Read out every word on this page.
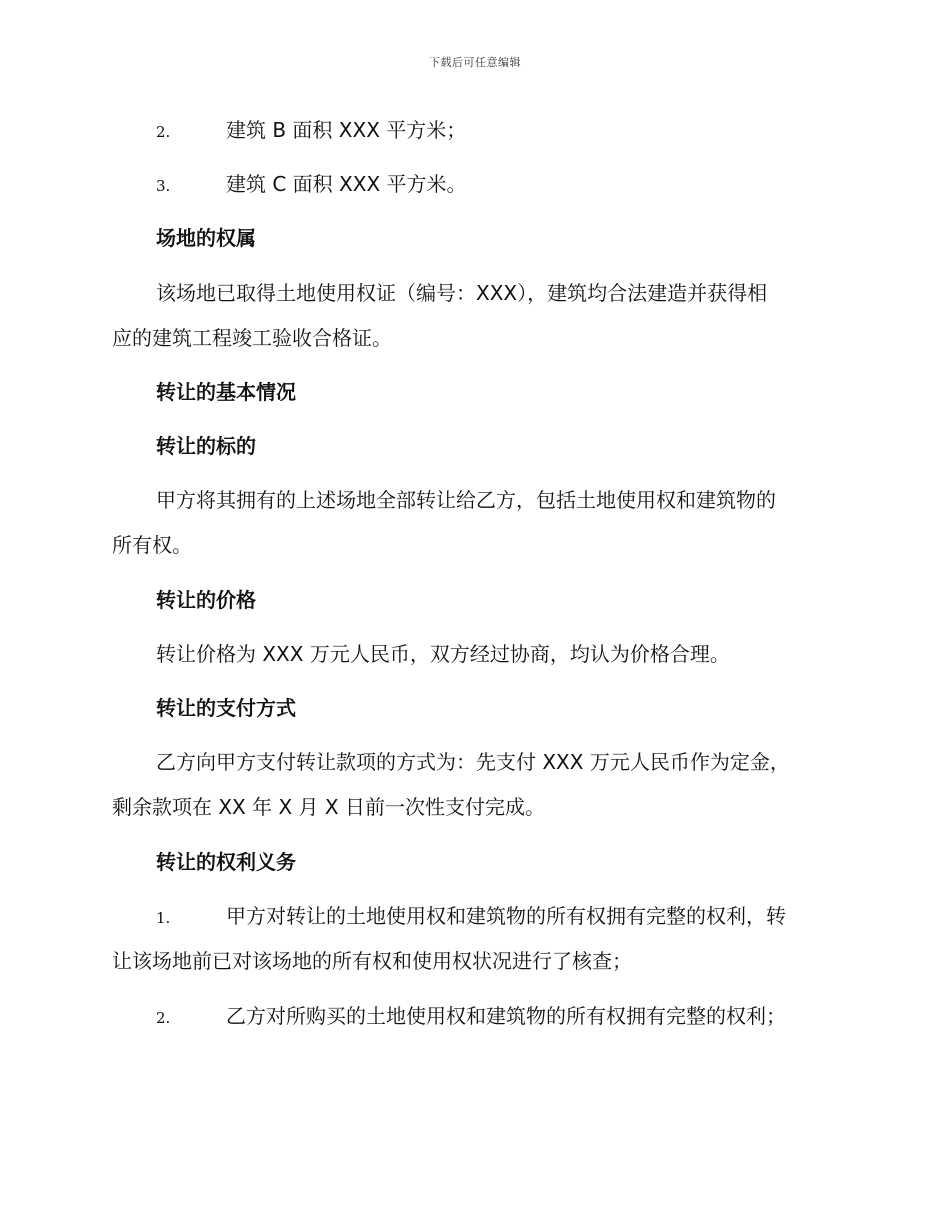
下载后可任意编辑
2.	建筑 B 面积 XXX 平方米；
3.	建筑 C 面积 XXX 平方米。
场地的权属
该场地已取得土地使用权证（编号：XXX），建筑均合法建造并获得相
应的建筑工程竣工验收合格证。
转让的基本情况
转让的标的
甲方将其拥有的上述场地全部转让给乙方，包括土地使用权和建筑物的
所有权。
转让的价格
转让价格为 XXX 万元人民币，双方经过协商，均认为价格合理。
转让的支付方式
乙方向甲方支付转让款项的方式为：先支付 XXX 万元人民币作为定金，
剩余款项在 XX 年 X 月 X 日前一次性支付完成。
转让的权利义务
1.	甲方对转让的土地使用权和建筑物的所有权拥有完整的权利，转
让该场地前已对该场地的所有权和使用权状况进行了核查；
2.	乙方对所购买的土地使用权和建筑物的所有权拥有完整的权利；
